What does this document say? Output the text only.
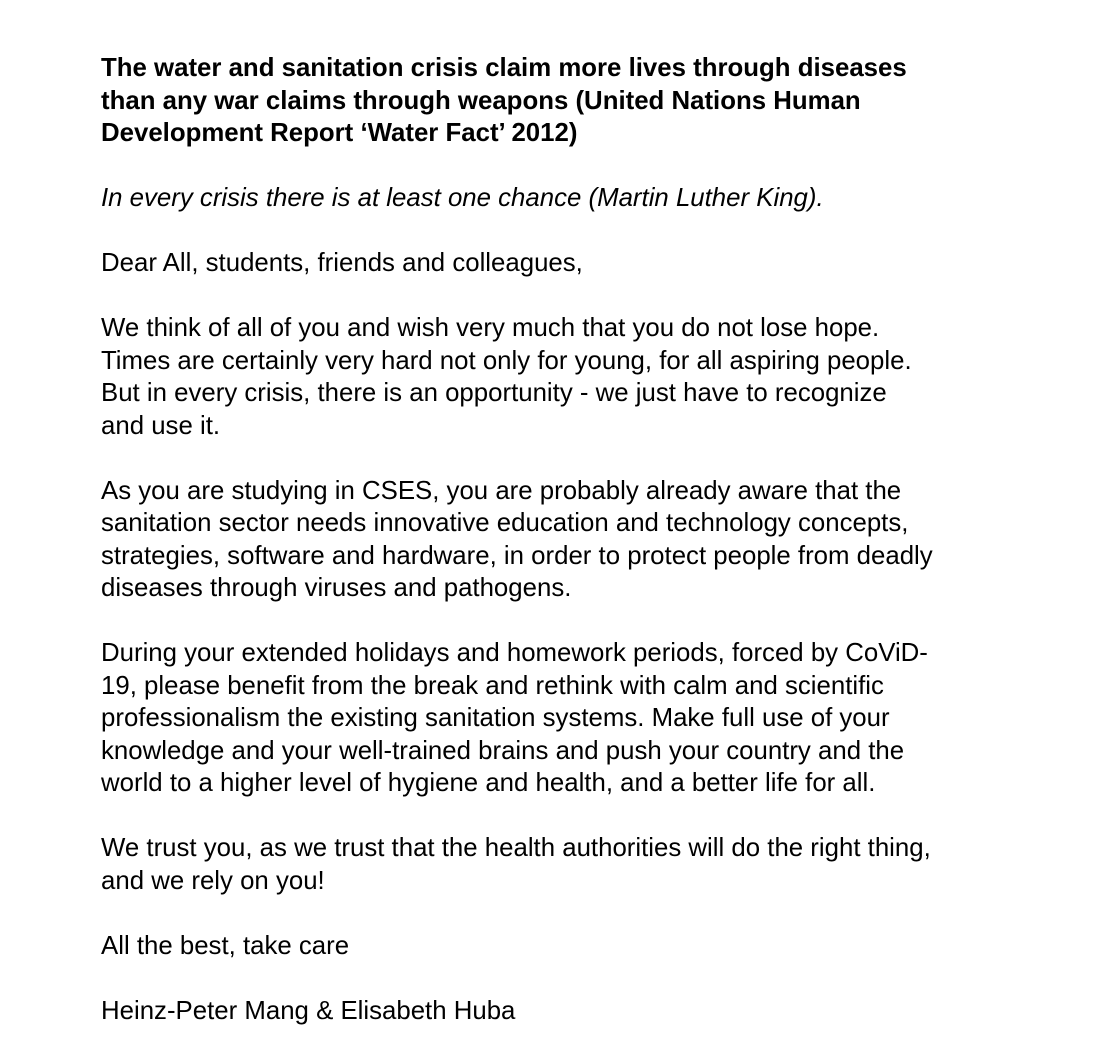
The water and sanitation crisis claim more lives through diseases
than any war claims through weapons (United Nations Human
Development Report ‘Water Fact’ 2012)
In every crisis there is at least one chance (Martin Luther King).
Dear All, students, friends and colleagues,
We think of all of you and wish very much that you do not lose hope.
Times are certainly very hard not only for young, for all aspiring people.
But in every crisis, there is an opportunity - we just have to recognize
and use it.
As you are studying in CSES, you are probably already aware that the
sanitation sector needs innovative education and technology concepts,
strategies, software and hardware, in order to protect people from deadly
diseases through viruses and pathogens.
During your extended holidays and homework periods, forced by CoViD-
19, please benefit from the break and rethink with calm and scientific
professionalism the existing sanitation systems. Make full use of your
knowledge and your well-trained brains and push your country and the
world to a higher level of hygiene and health, and a better life for all.
We trust you, as we trust that the health authorities will do the right thing,
and we rely on you!
All the best, take care
Heinz-Peter Mang & Elisabeth Huba
